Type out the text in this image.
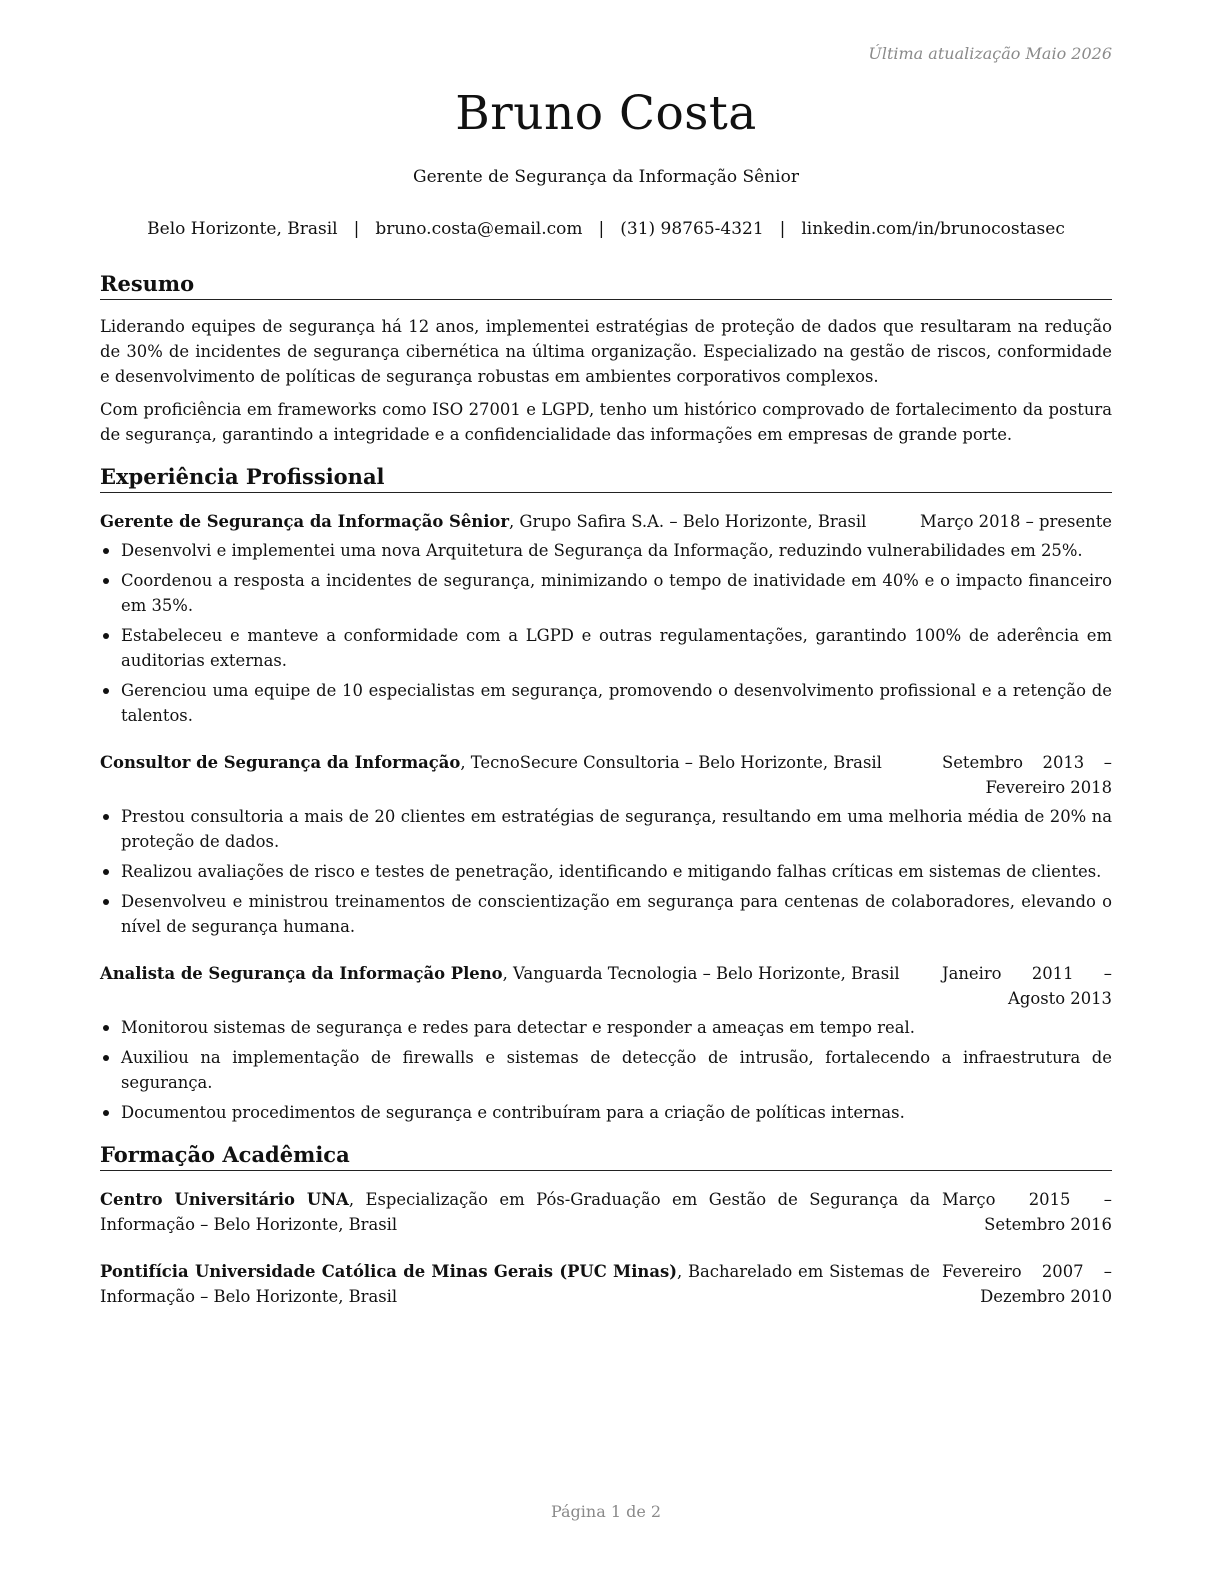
Última atualização Maio 2026
Bruno Costa
Gerente de Segurança da Informação Sênior
Belo Horizonte, Brasil | bruno.costa@email.com | (31) 98765-4321 | linkedin.com/in/brunocostasec
Resumo

Liderando equipes de segurança há 12 anos, implementei estratégias de proteção de dados que resultaram na redução de 30% de incidentes de segurança cibernética na última organização. Especializado na gestão de riscos, conformidade e desenvolvimento de políticas de segurança robustas em ambientes corporativos complexos.

Com proficiência em frameworks como ISO 27001 e LGPD, tenho um histórico comprovado de fortalecimento da postura de segurança, garantindo a integridade e a confidencialidade das informações em empresas de grande porte.

Experiência Profissional
Gerente de Segurança da Informação Sênior, Grupo Safira S.A. – Belo Horizonte, Brasil	Março 2018 – presente
Desenvolvi e implementei uma nova Arquitetura de Segurança da Informação, reduzindo vulnerabilidades em 25%.
Coordenou a resposta a incidentes de segurança, minimizando o tempo de inatividade em 40% e o impacto financeiro em 35%.
Estabeleceu e manteve a conformidade com a LGPD e outras regulamentações, garantindo 100% de aderência em auditorias externas.
Gerenciou uma equipe de 10 especialistas em segurança, promovendo o desenvolvimento profissional e a retenção de talentos.
Consultor de Segurança da Informação, TecnoSecure Consultoria – Belo Horizonte, Brasil	Setembro 2013 – Fevereiro 2018
Prestou consultoria a mais de 20 clientes em estratégias de segurança, resultando em uma melhoria média de 20% na proteção de dados.
Realizou avaliações de risco e testes de penetração, identificando e mitigando falhas críticas em sistemas de clientes.
Desenvolveu e ministrou treinamentos de conscientização em segurança para centenas de colaboradores, elevando o nível de segurança humana.
Analista de Segurança da Informação Pleno, Vanguarda Tecnologia – Belo Horizonte, Brasil	Janeiro 2011 – Agosto 2013
Monitorou sistemas de segurança e redes para detectar e responder a ameaças em tempo real.
Auxiliou na implementação de firewalls e sistemas de detecção de intrusão, fortalecendo a infraestrutura de segurança.
Documentou procedimentos de segurança e contribuíram para a criação de políticas internas.
Formação Acadêmica
Centro Universitário UNA, Especialização em Pós-Graduação em Gestão de Segurança da Informação – Belo Horizonte, Brasil
Março 2015 – Setembro 2016
Pontifícia Universidade Católica de Minas Gerais (PUC Minas), Bacharelado em Sistemas de Informação – Belo Horizonte, Brasil
Fevereiro 2007 – Dezembro 2010
Página 1 de 2
